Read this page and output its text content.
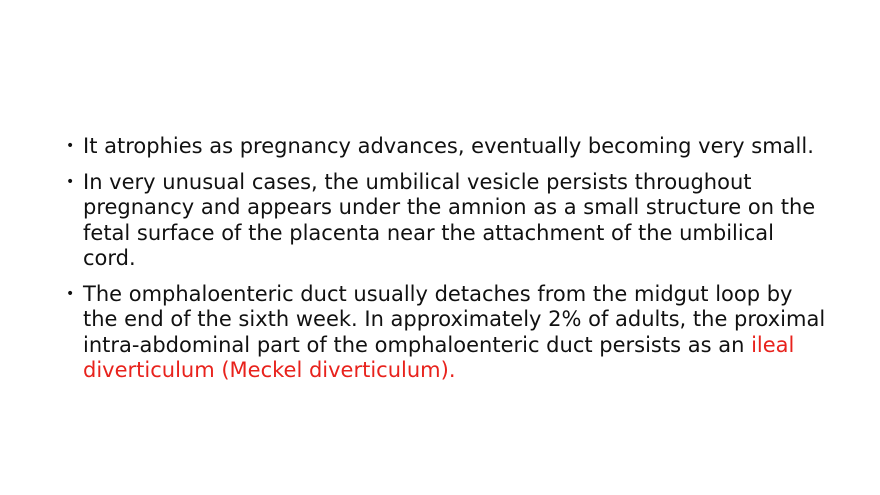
• It atrophies as pregnancy advances, eventually becoming very small.
• In very unusual cases, the umbilical vesicle persists throughout pregnancy and appears under the amnion as a small structure on the fetal surface of the placenta near the attachment of the umbilical cord.
• The omphaloenteric duct usually detaches from the midgut loop by the end of the sixth week. In approximately 2% of adults, the proximal intra-abdominal part of the omphaloenteric duct persists as an ileal diverticulum (Meckel diverticulum).
